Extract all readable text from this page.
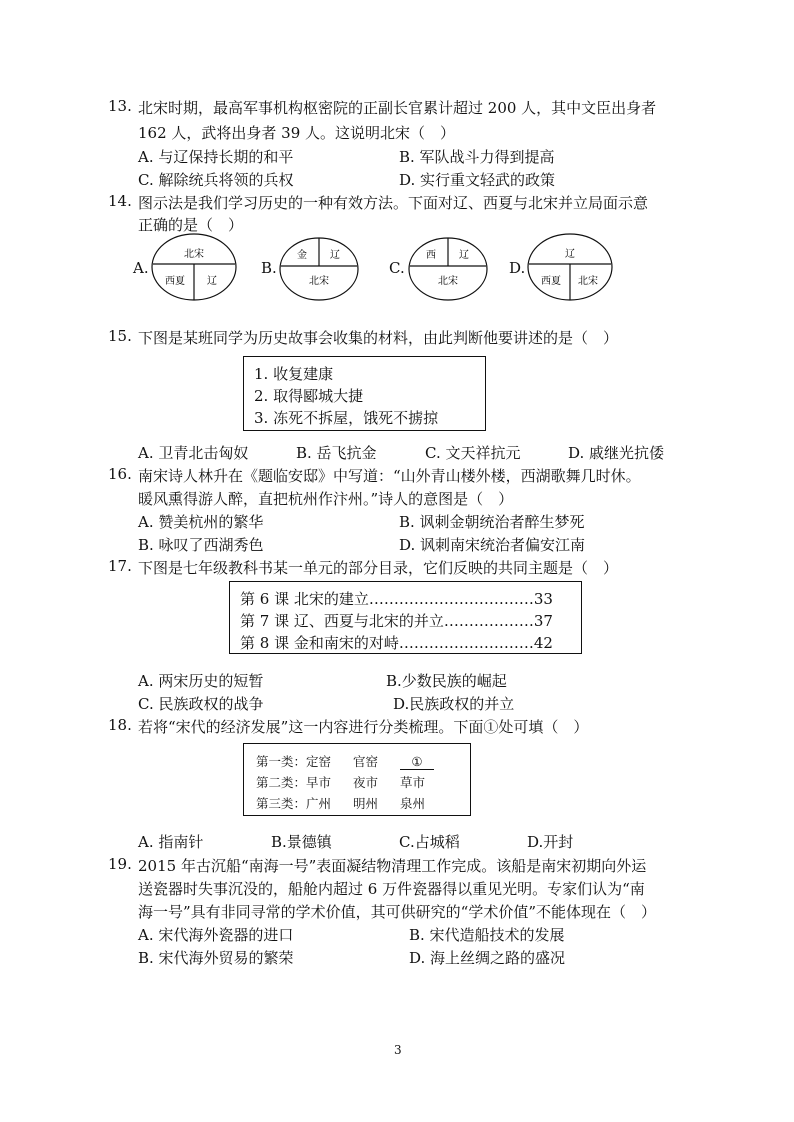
13. 北宋时期，最高军事机构枢密院的正副长官累计超过 200 人，其中文臣出身者
162 人，武将出身者 39 人。这说明北宋（　）
A. 与辽保持长期的和平	B. 军队战斗力得到提高
C. 解除统兵将领的兵权	D. 实行重文轻武的政策
14. 图示法是我们学习历史的一种有效方法。下面对辽、西夏与北宋并立局面示意
正确的是（　）
A.
北宋
西夏 辽
B.
金 辽
北宋
C.
西 辽
北宋
D.
辽
西夏 北宋
15. 下图是某班同学为历史故事会收集的材料，由此判断他要讲述的是（　）
1. 收复建康
2. 取得郾城大捷
3. 冻死不拆屋，饿死不掳掠
A. 卫青北击匈奴	B. 岳飞抗金	C. 文天祥抗元	D. 戚继光抗倭
16. 南宋诗人林升在《题临安邸》中写道：“山外青山楼外楼，西湖歌舞几时休。
暖风熏得游人醉，直把杭州作汴州。”诗人的意图是（　）
A. 赞美杭州的繁华	B. 讽刺金朝统治者醉生梦死
B. 咏叹了西湖秀色	D. 讽刺南宋统治者偏安江南
17. 下图是七年级教科书某一单元的部分目录，它们反映的共同主题是（　）
第 6 课 北宋的建立……………………………33
第 7 课 辽、西夏与北宋的并立………………37
第 8 课 金和南宋的对峙………………………42
A. 两宋历史的短暂	B.少数民族的崛起
C. 民族政权的战争	D.民族政权的并立
18. 若将“宋代的经济发展”这一内容进行分类梳理。下面①处可填（　）
第一类：定窑 官窑	①
第二类：早市 夜市 草市
第三类：广州 明州 泉州
A. 指南针	B.景德镇	C.占城稻	D.开封
19. 2015 年古沉船“南海一号”表面凝结物清理工作完成。该船是南宋初期向外运
送瓷器时失事沉没的，船舱内超过 6 万件瓷器得以重见光明。专家们认为“南
海一号”具有非同寻常的学术价值，其可供研究的“学术价值”不能体现在（　）
A. 宋代海外瓷器的进口	B. 宋代造船技术的发展
B. 宋代海外贸易的繁荣	D. 海上丝绸之路的盛况
3
